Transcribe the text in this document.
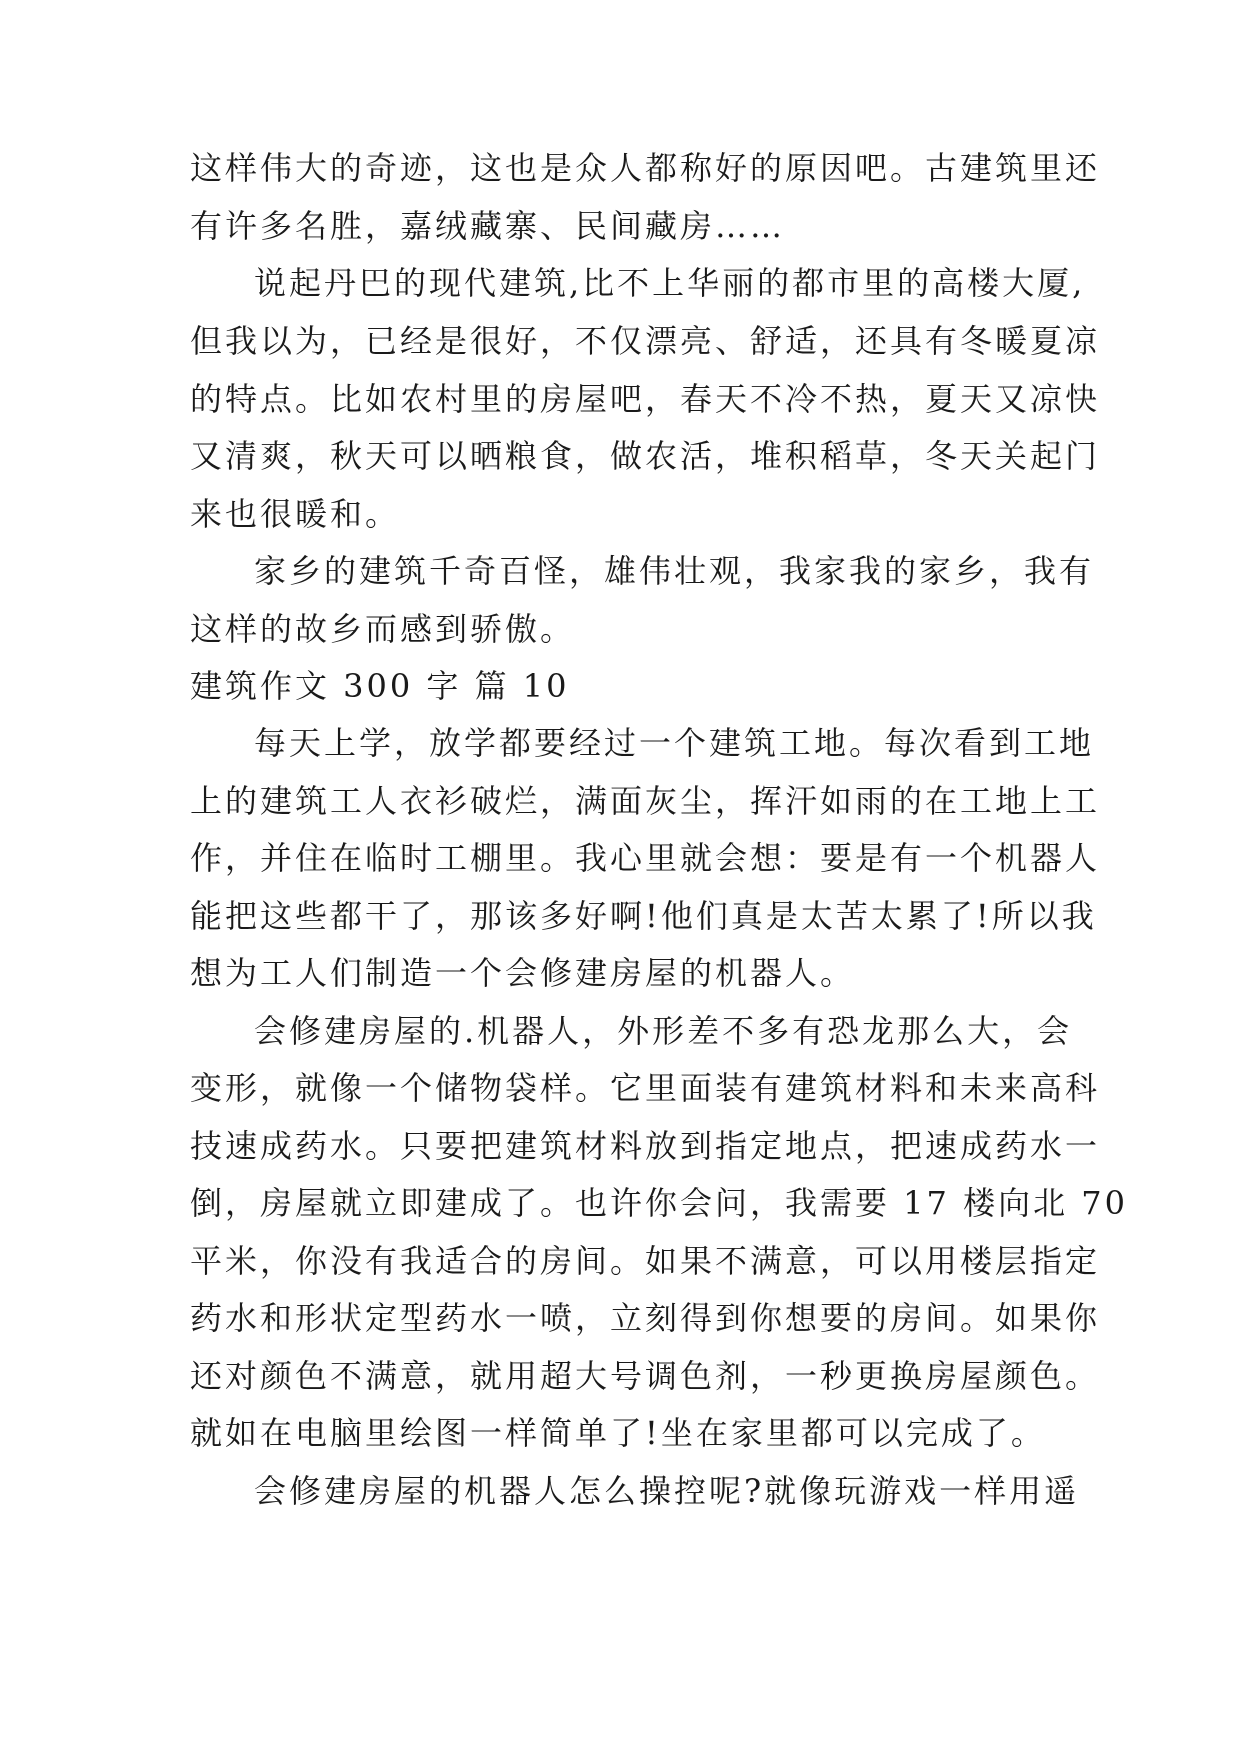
这样伟大的奇迹，这也是众人都称好的原因吧。古建筑里还

有许多名胜，嘉绒藏寨、民间藏房……

说起丹巴的现代建筑,比不上华丽的都市里的高楼大厦,

但我以为，已经是很好，不仅漂亮、舒适，还具有冬暖夏凉

的特点。比如农村里的房屋吧，春天不冷不热，夏天又凉快

又清爽，秋天可以晒粮食，做农活，堆积稻草，冬天关起门

来也很暖和。

家乡的建筑千奇百怪，雄伟壮观，我家我的家乡，我有

这样的故乡而感到骄傲。

建筑作文 300 字 篇 10

每天上学，放学都要经过一个建筑工地。每次看到工地

上的建筑工人衣衫破烂，满面灰尘，挥汗如雨的在工地上工

作，并住在临时工棚里。我心里就会想：要是有一个机器人

能把这些都干了，那该多好啊!他们真是太苦太累了!所以我

想为工人们制造一个会修建房屋的机器人。

会修建房屋的.机器人，外形差不多有恐龙那么大，会

变形，就像一个储物袋样。它里面装有建筑材料和未来高科

技速成药水。只要把建筑材料放到指定地点，把速成药水一

倒，房屋就立即建成了。也许你会问，我需要 17 楼向北 70

平米，你没有我适合的房间。如果不满意，可以用楼层指定

药水和形状定型药水一喷，立刻得到你想要的房间。如果你

还对颜色不满意，就用超大号调色剂，一秒更换房屋颜色。

就如在电脑里绘图一样简单了!坐在家里都可以完成了。

会修建房屋的机器人怎么操控呢?就像玩游戏一样用遥
